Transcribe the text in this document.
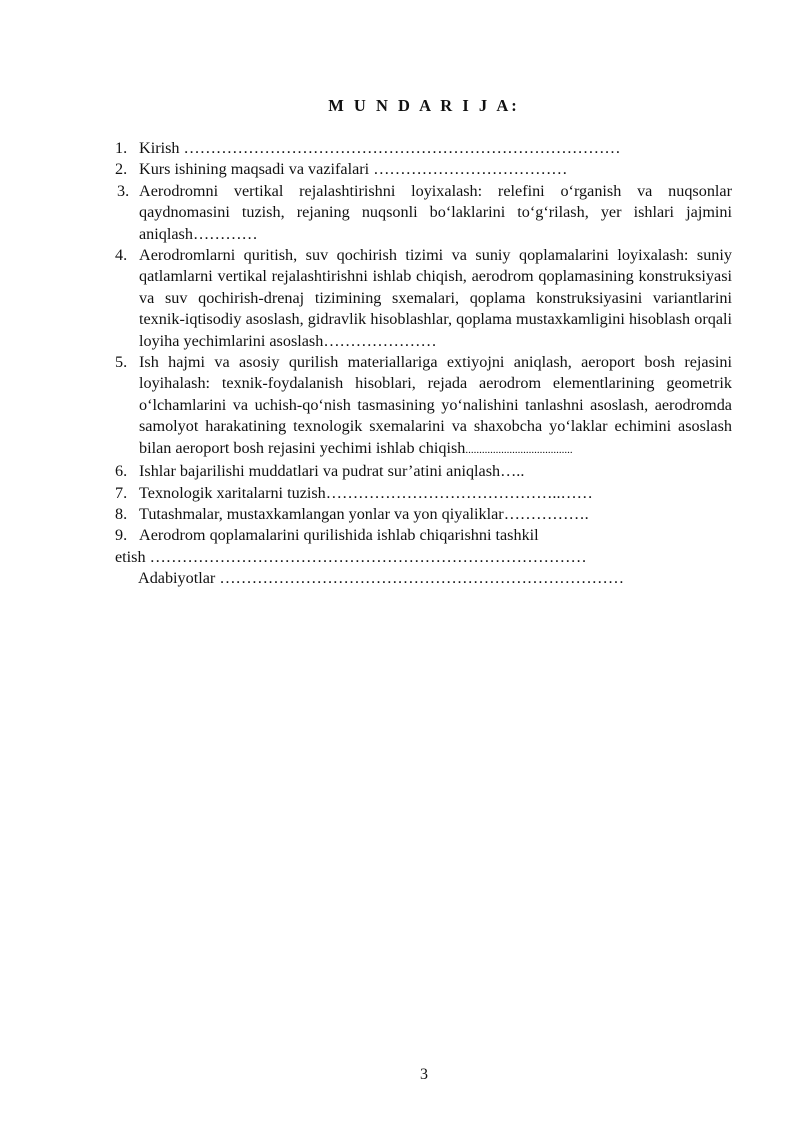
M U N D A R I J A:
1. Kirish ………………………………………………………………………
2. Kurs ishining maqsadi va vazifalari ………………………………
3. Aerodromni vertikal rejalashtirishni loyixalash: relefini o‘rganish va nuqsonlar qaydnomasini tuzish, rejaning nuqsonli bo‘laklarini to‘g‘rilash, yer ishlari jajmini aniqlash…………
4. Aerodromlarni quritish, suv qochirish tizimi va suniy qoplamalarini loyixalash: suniy qatlamlarni vertikal rejalashtirishni ishlab chiqish, aerodrom qoplamasining konstruksiyasi va suv qochirish-drenaj tizimining sxemalari, qoplama konstruksiyasini variantlarini texnik-iqtisodiy asoslash, gidravlik hisoblashlar, qoplama mustaxkamligini hisoblash orqali loyiha yechimlarini asoslash…………………
5. Ish hajmi va asosiy qurilish materiallariga extiyojni aniqlash, aeroport bosh rejasini loyihalash: texnik-foydalanish hisoblari, rejada aerodrom elementlarining geometrik o‘lchamlarini va uchish-qo‘nish tasmasining yo‘nalishini tanlashni asoslash, aerodromda samolyot harakatining texnologik sxemalarini va shaxobcha yo‘laklar echimini asoslash bilan aeroport bosh rejasini yechimi ishlab chiqish.......................................
6. Ishlar bajarilishi muddatlari va pudrat sur’atini aniqlash…..
7. Texnologik xaritalarni tuzish……………………………………..……
8. Tutashmalar, mustaxkamlangan yonlar va yon qiyaliklar…………….
9. Aerodrom qoplamalarini qurilishida ishlab chiqarishni tashkil
etish ………………………………………………………………………
Adabiyotlar …………………………………………………………………
3
